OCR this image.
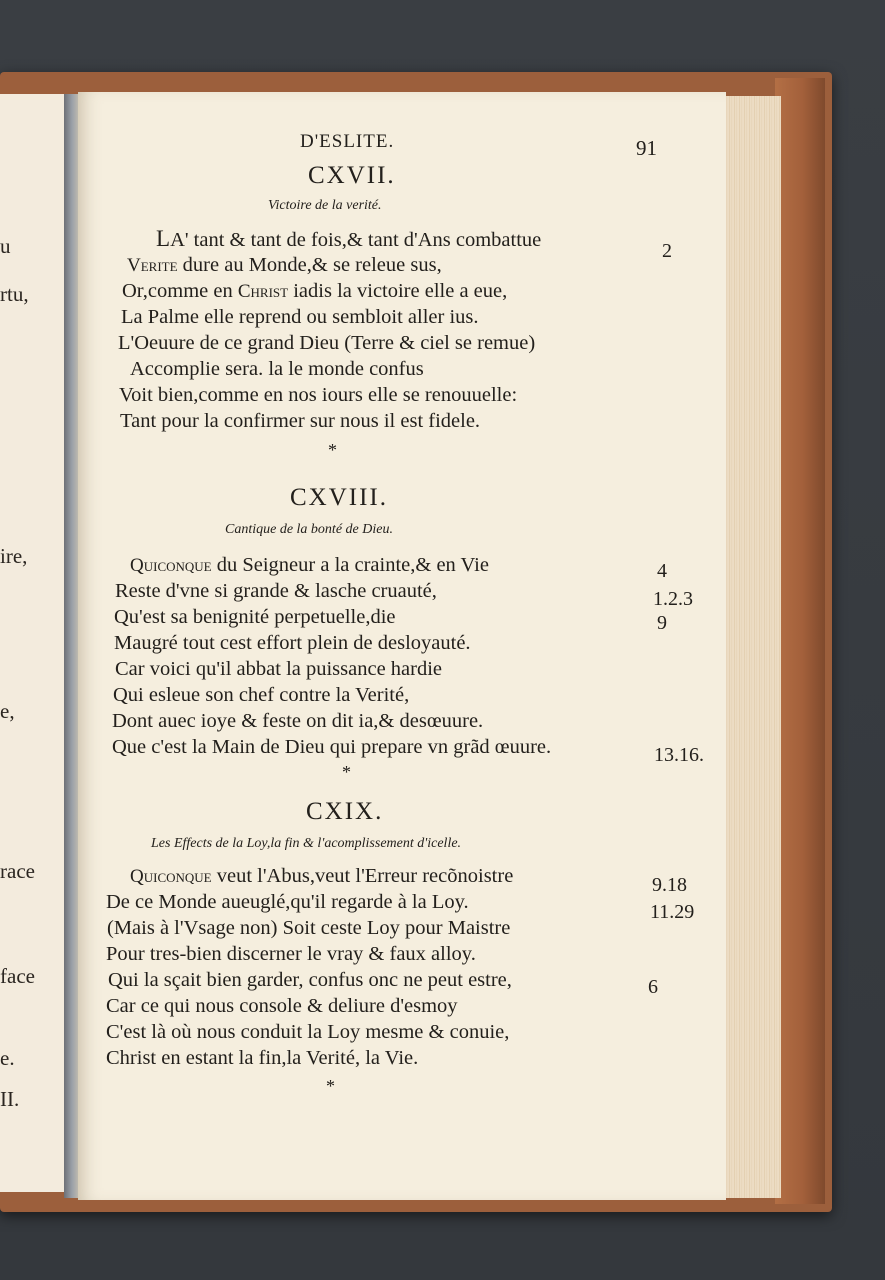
u
rtu,
ire,
e,
race
face
e.
II.
D'ESLITE.	91
CXVII.
Victoire de la verité.
LA' tant & tant de fois,& tant d'Ans combattue
Verite dure au Monde,& se releue sus,
Or,comme en Christ iadis la victoire elle a eue,
La Palme elle reprend ou sembloit aller ius.
L'Oeuure de ce grand Dieu (Terre & ciel se remue)
Accomplie sera. la le monde confus
Voit bien,comme en nos iours elle se renouuelle:
Tant pour la confirmer sur nous il est fidele.
2
*
CXVIII.
Cantique de la bonté de Dieu.
Quiconque du Seigneur a la crainte,& en Vie
Reste d'vne si grande & lasche cruauté,
Qu'est sa benignité perpetuelle,die
Maugré tout cest effort plein de desloyauté.
Car voici qu'il abbat la puissance hardie
Qui esleue son chef contre la Verité,
Dont auec ioye & feste on dit ia,& desœuure.
Que c'est la Main de Dieu qui prepare vn grãd œuure.
4
1.2.3
9
13.16.
*
CXIX.
Les Effects de la Loy,la fin & l'acomplissement d'icelle.
Quiconque veut l'Abus,veut l'Erreur recõnoistre
De ce Monde aueuglé,qu'il regarde à la Loy.
(Mais à l'Vsage non) Soit ceste Loy pour Maistre
Pour tres-bien discerner le vray & faux alloy.
Qui la sçait bien garder, confus onc ne peut estre,
Car ce qui nous console & deliure d'esmoy
C'est là où nous conduit la Loy mesme & conuie,
Christ en estant la fin,la Verité, la Vie.
9.18
11.29
6
*
